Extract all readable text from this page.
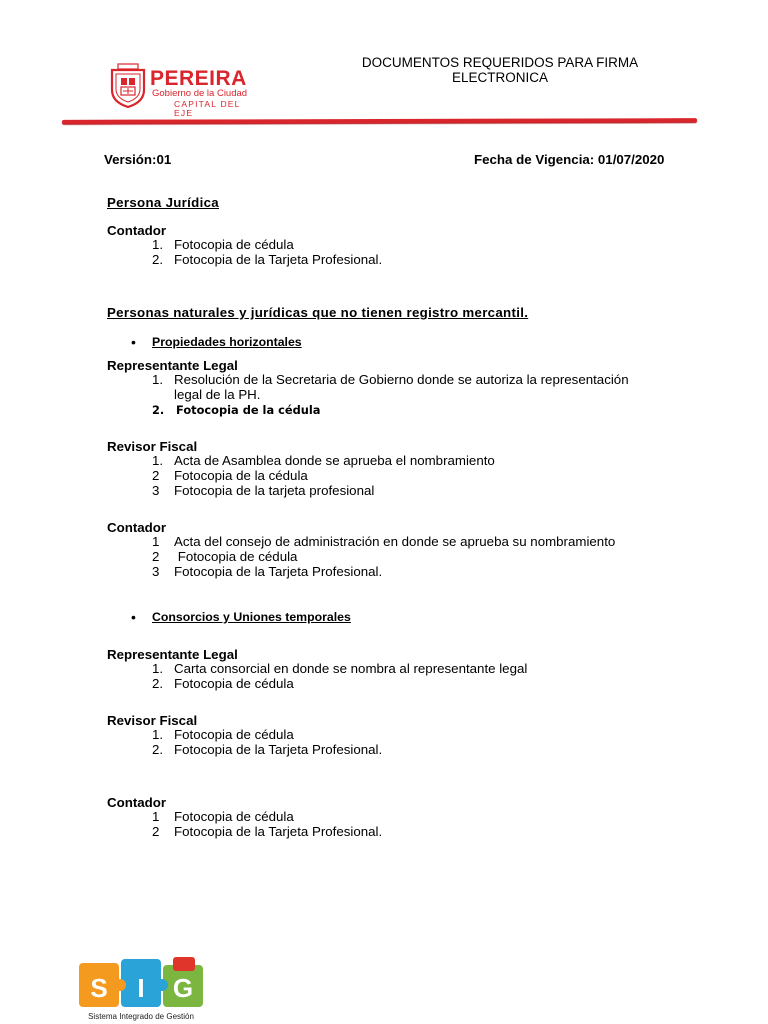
PEREIRA
Gobierno de la Ciudad
CAPITAL DEL EJE
DOCUMENTOS REQUERIDOS PARA FIRMA
ELECTRONICA
Versión:01	Fecha de Vigencia: 01/07/2020
Persona Jurídica
Contador
1. Fotocopia de cédula
2. Fotocopia de la Tarjeta Profesional.
Personas naturales y jurídicas que no tienen registro mercantil.
• Propiedades horizontales
Representante Legal
1. Resolución de la Secretaria de Gobierno donde se autoriza la representación
legal de la PH.
2.	Fotocopia de la cédula
Revisor Fiscal
1. Acta de Asamblea donde se aprueba el nombramiento
2	Fotocopia de la cédula
3	Fotocopia de la tarjeta profesional
Contador
1	Acta del consejo de administración en donde se aprueba su nombramiento
2	Fotocopia de cédula
3	Fotocopia de la Tarjeta Profesional.
• Consorcios y Uniones temporales
Representante Legal
1. Carta consorcial en donde se nombra al representante legal
2. Fotocopia de cédula
Revisor Fiscal
1. Fotocopia de cédula
2. Fotocopia de la Tarjeta Profesional.
Contador
1	Fotocopia de cédula
2	Fotocopia de la Tarjeta Profesional.
S I G
Sistema Integrado de Gestión
